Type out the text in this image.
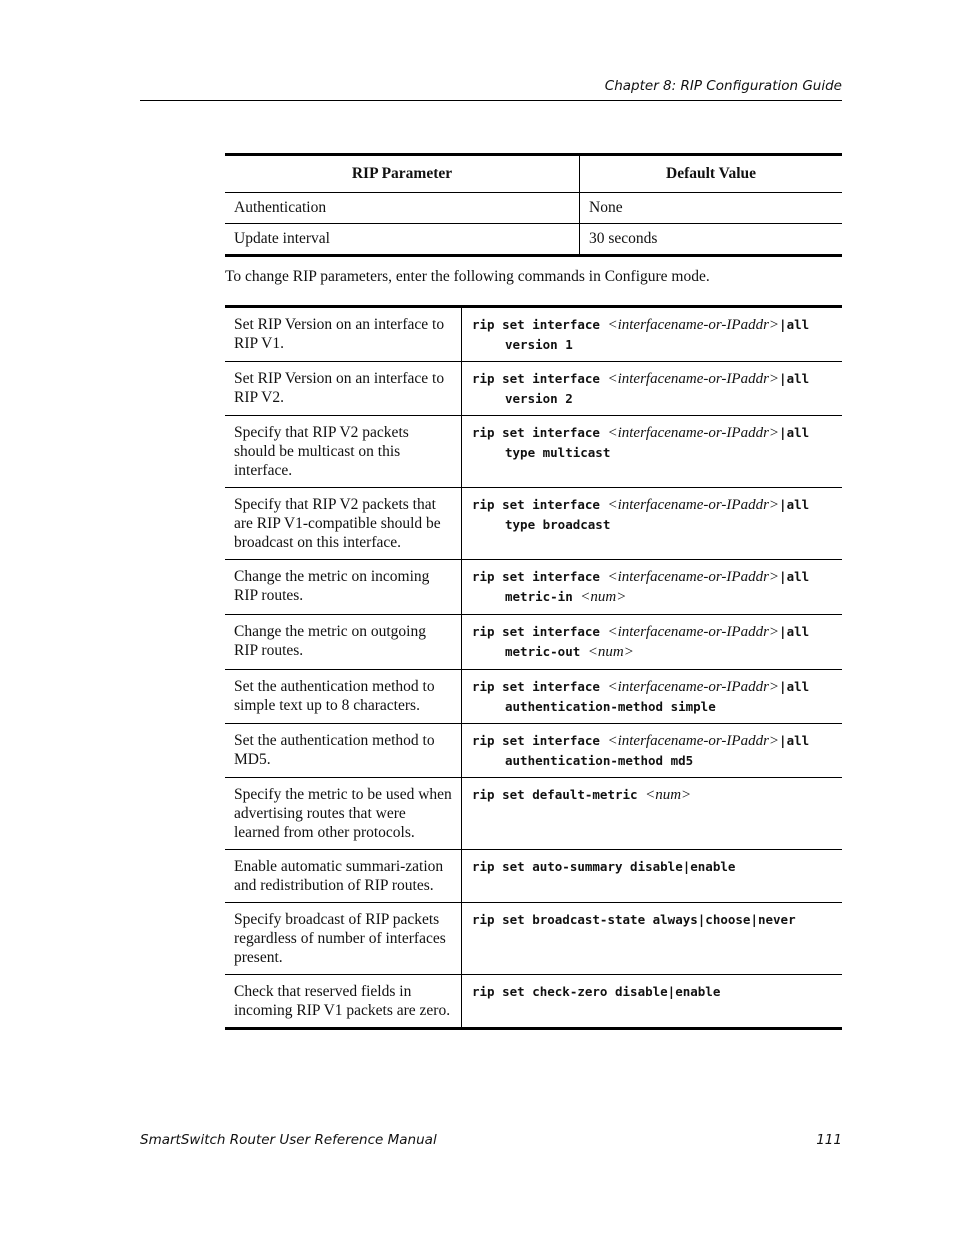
Chapter 8: RIP Configuration Guide
RIP Parameter	Default Value
Authentication	None
Update interval	30 seconds
To change RIP parameters, enter the following commands in Configure mode.
Set RIP Version on an interface to RIP V1.	rip set interface <interfacename-or-IPaddr>|all
version 1

Set RIP Version on an interface to RIP V2.	rip set interface <interfacename-or-IPaddr>|all
version 2

Specify that RIP V2 packets should be multicast on this interface.	rip set interface <interfacename-or-IPaddr>|all
type multicast

Specify that RIP V2 packets that are RIP V1-compatible should be broadcast on this interface.	rip set interface <interfacename-or-IPaddr>|all
type broadcast

Change the metric on incoming RIP routes.	rip set interface <interfacename-or-IPaddr>|all
metric-in <num>

Change the metric on outgoing RIP routes.	rip set interface <interfacename-or-IPaddr>|all
metric-out <num>

Set the authentication method to simple text up to 8 characters.	rip set interface <interfacename-or-IPaddr>|all
authentication-method simple

Set the authentication method to MD5.	rip set interface <interfacename-or-IPaddr>|all
authentication-method md5

Specify the metric to be used when advertising routes that were learned from other protocols.	rip set default-metric <num>
Enable automatic summari-zation and redistribution of RIP routes.	rip set auto-summary disable|enable
Specify broadcast of RIP packets regardless of number of interfaces present.	rip set broadcast-state always|choose|never
Check that reserved fields in incoming RIP V1 packets are zero.	rip set check-zero disable|enable
SmartSwitch Router User Reference Manual	111
